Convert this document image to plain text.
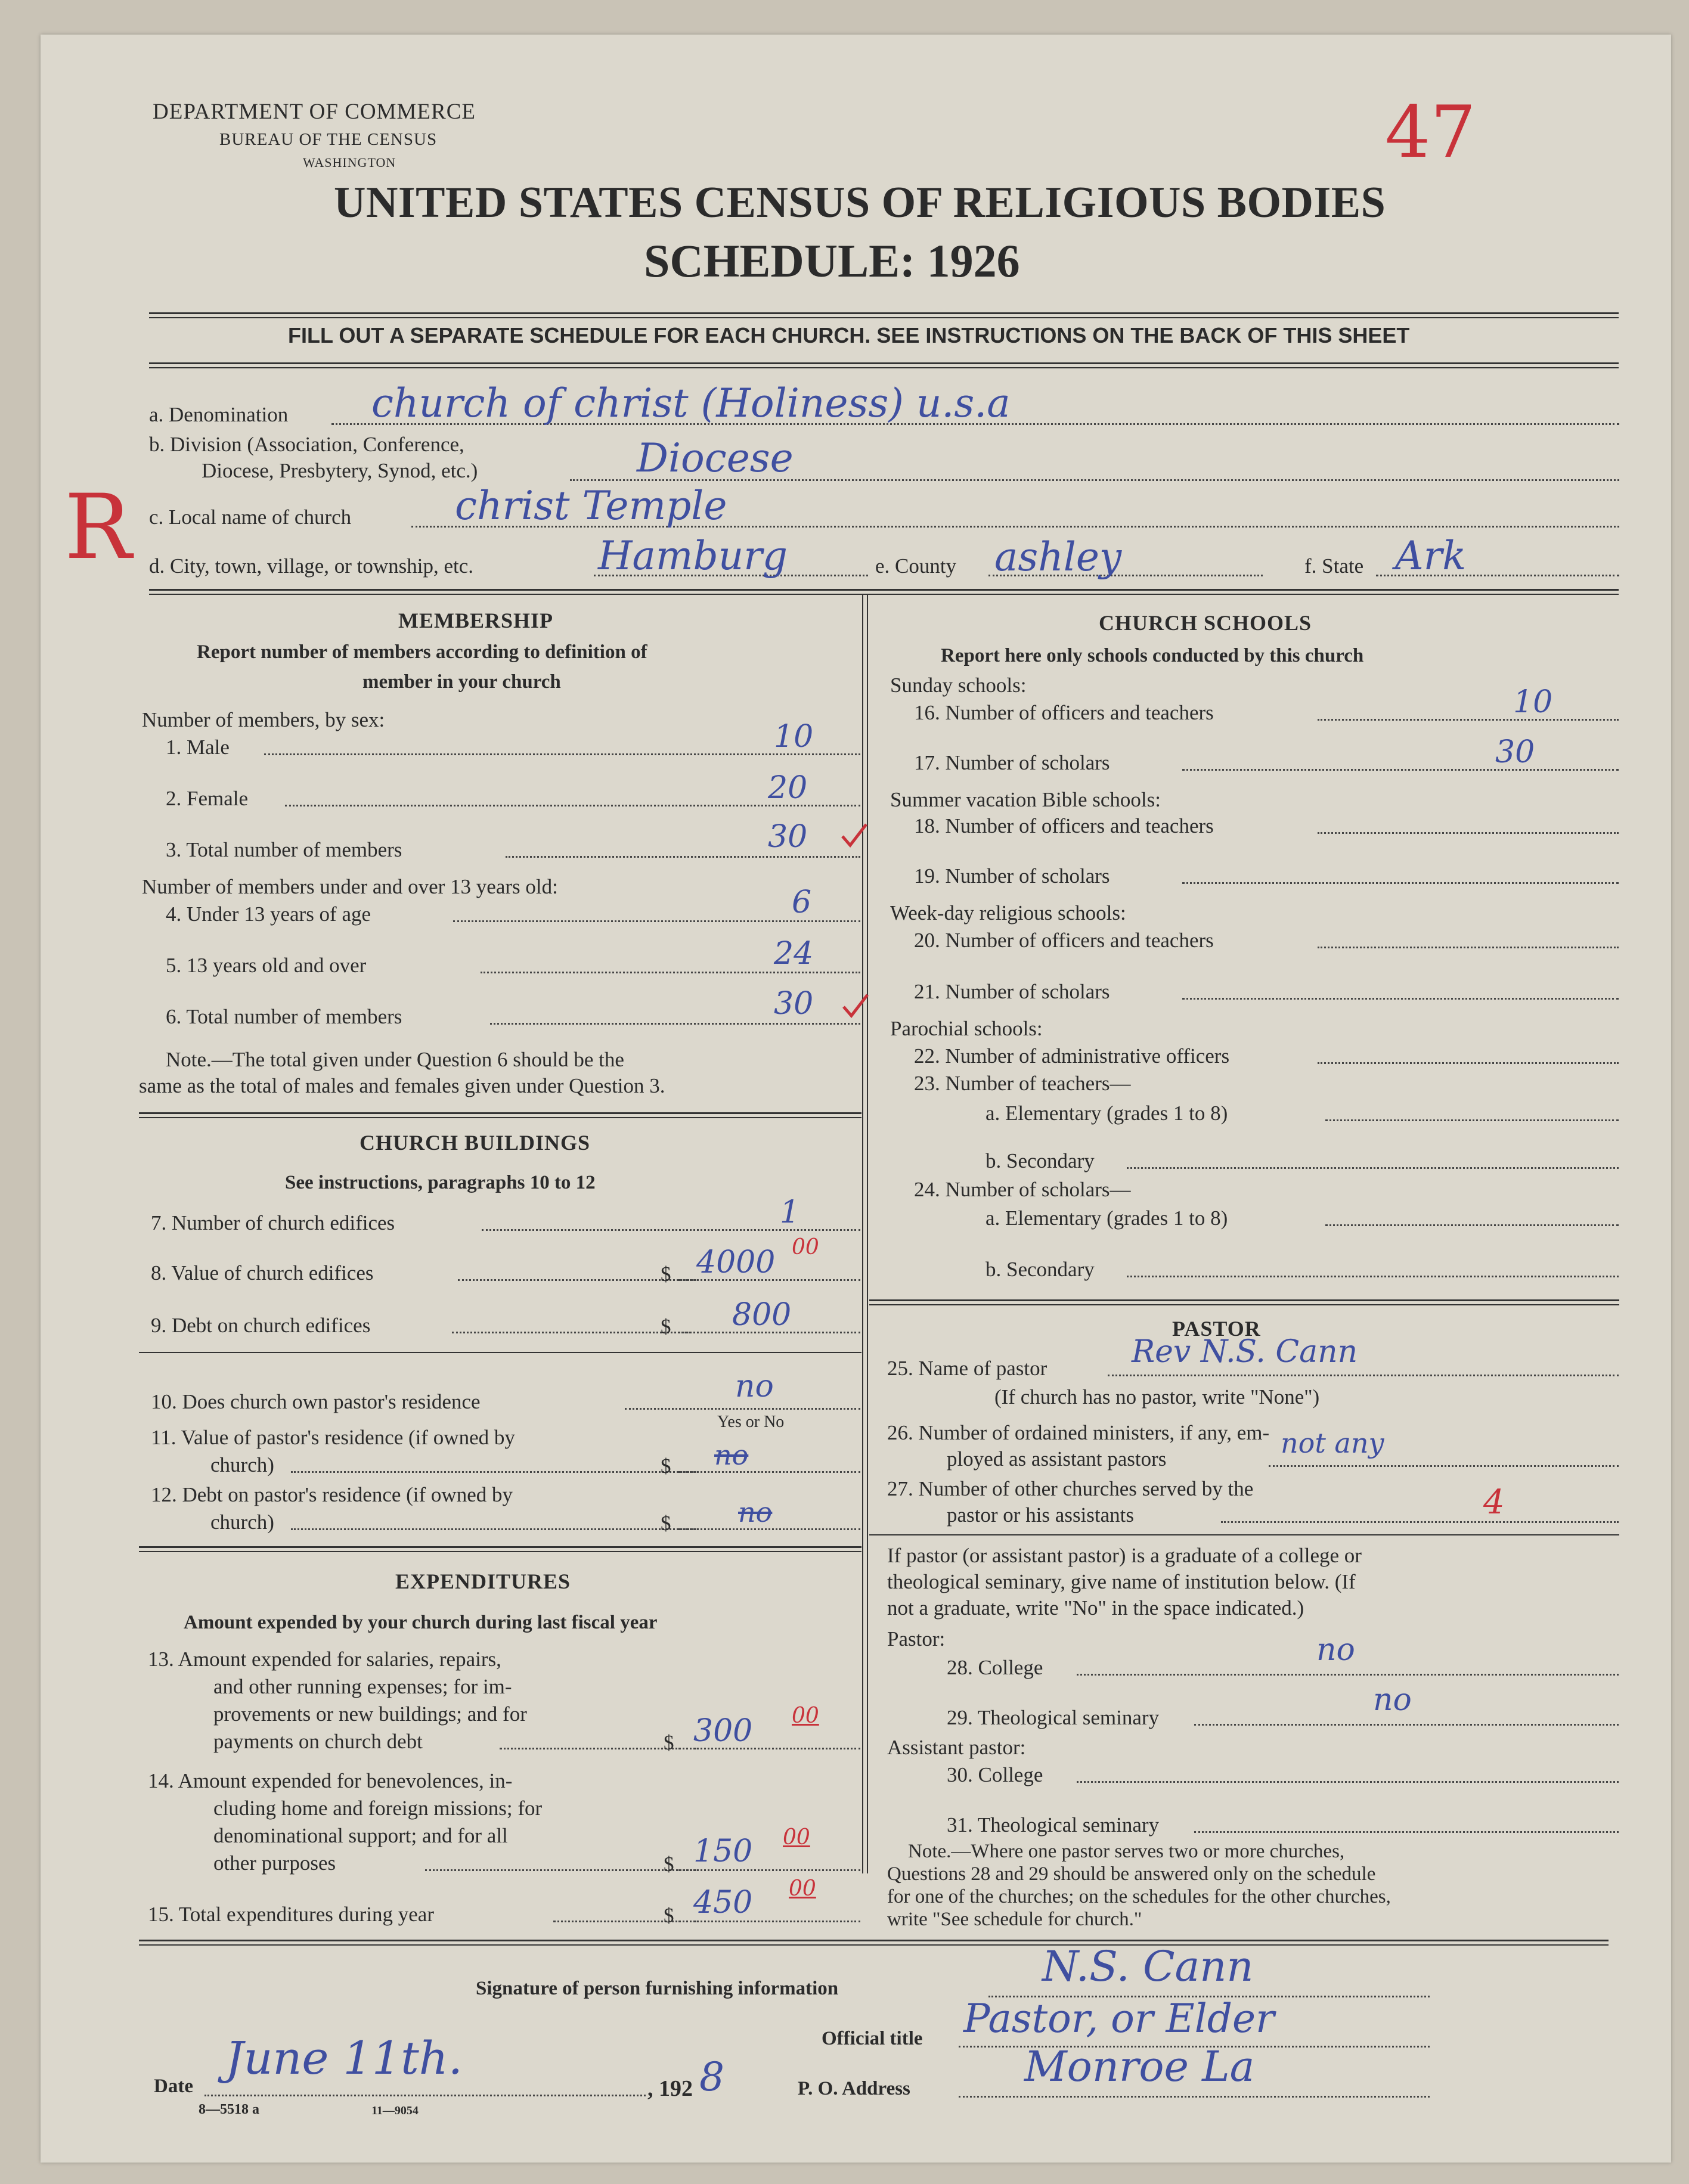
47
DEPARTMENT OF COMMERCE
BUREAU OF THE CENSUS
WASHINGTON
UNITED STATES CENSUS OF RELIGIOUS BODIES
SCHEDULE: 1926
FILL OUT A SEPARATE SCHEDULE FOR EACH CHURCH. SEE INSTRUCTIONS ON THE BACK OF THIS SHEET
R
a. Denomination church of christ (Holiness) u.s.a
b. Division (Association, Conference,
Diocese, Presbytery, Synod, etc.)	Diocese
c. Local name of church	christ Temple
d. City, town, village, or township, etc.	Hamburg	e. County ashley	f. State Ark
MEMBERSHIP
Report number of members according to definition of
member in your church
Number of members, by sex:
1. Male	10
2. Female	20
3. Total number of members	30
Number of members under and over 13 years old:
4. Under 13 years of age	6
5. 13 years old and over	24
6. Total number of members	30
Note.—The total given under Question 6 should be the
same as the total of males and females given under Question 3.
CHURCH BUILDINGS
See instructions, paragraphs 10 to 12
7. Number of church edifices	1
8. Value of church edifices	$ 4000 00
9. Debt on church edifices	$ 800
10. Does church own pastor's residence	no
Yes or No
11. Value of pastor's residence (if owned by
church)	$ no
12. Debt on pastor's residence (if owned by
church)	$ no
EXPENDITURES
Amount expended by your church during last fiscal year
13. Amount expended for salaries, repairs,
and other running expenses; for im-
provements or new buildings; and for
payments on church debt	$ 300 00
14. Amount expended for benevolences, in-
cluding home and foreign missions; for
denominational support; and for all
other purposes	$ 150 00
15. Total expenditures during year	$ 450 00
CHURCH SCHOOLS
Report here only schools conducted by this church
Sunday schools:
16. Number of officers and teachers	10
17. Number of scholars	30
Summer vacation Bible schools:
18. Number of officers and teachers
19. Number of scholars
Week-day religious schools:
20. Number of officers and teachers
21. Number of scholars
Parochial schools:
22. Number of administrative officers
23. Number of teachers—
a. Elementary (grades 1 to 8)
b. Secondary
24. Number of scholars—
a. Elementary (grades 1 to 8)
b. Secondary
PASTOR
25. Name of pastor	Rev N.S. Cann
(If church has no pastor, write "None")
26. Number of ordained ministers, if any, em-
ployed as assistant pastors	not any
27. Number of other churches served by the
pastor or his assistants	4
If pastor (or assistant pastor) is a graduate of a college or
theological seminary, give name of institution below. (If
not a graduate, write "No" in the space indicated.)
Pastor:
28. College	no
29. Theological seminary	no
Assistant pastor:
30. College
31. Theological seminary
Note.—Where one pastor serves two or more churches,
Questions 28 and 29 should be answered only on the schedule
for one of the churches; on the schedules for the other churches,
write "See schedule for church."
Signature of person furnishing information	N.S. Cann
Official title Pastor, or Elder
Date
June 11th.
, 192 8	P. O. Address	Monroe La
8—5518 a	11—9054
